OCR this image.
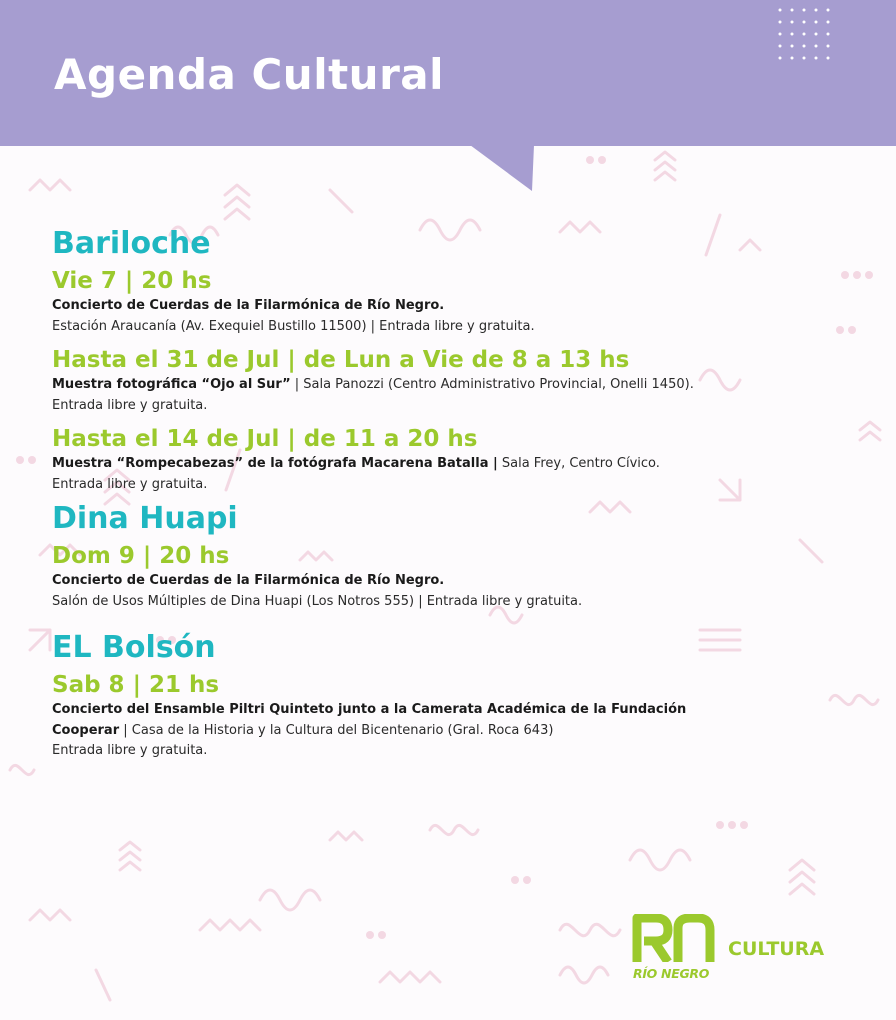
Agenda Cultural
Bariloche
Vie 7 | 20 hs

Concierto de Cuerdas de la Filarmónica de Río Negro.

Estación Araucanía (Av. Exequiel Bustillo 11500) | Entrada libre y gratuita.

Hasta el 31 de Jul | de Lun a Vie de 8 a 13 hs

Muestra fotográfica “Ojo al Sur” | Sala Panozzi (Centro Administrativo Provincial, Onelli 1450).

Entrada libre y gratuita.

Hasta el 14 de Jul | de 11 a 20 hs

Muestra “Rompecabezas” de la fotógrafa Macarena Batalla | Sala Frey, Centro Cívico.

Entrada libre y gratuita.

Dina Huapi
Dom 9 | 20 hs

Concierto de Cuerdas de la Filarmónica de Río Negro.

Salón de Usos Múltiples de Dina Huapi (Los Notros 555) | Entrada libre y gratuita.

EL Bolsón
Sab 8 | 21 hs

Concierto del Ensamble Piltri Quinteto junto a la Camerata Académica de la Fundación

Cooperar | Casa de la Historia y la Cultura del Bicentenario (Gral. Roca 643)

Entrada libre y gratuita.

RÍO NEGRO

CULTURA
